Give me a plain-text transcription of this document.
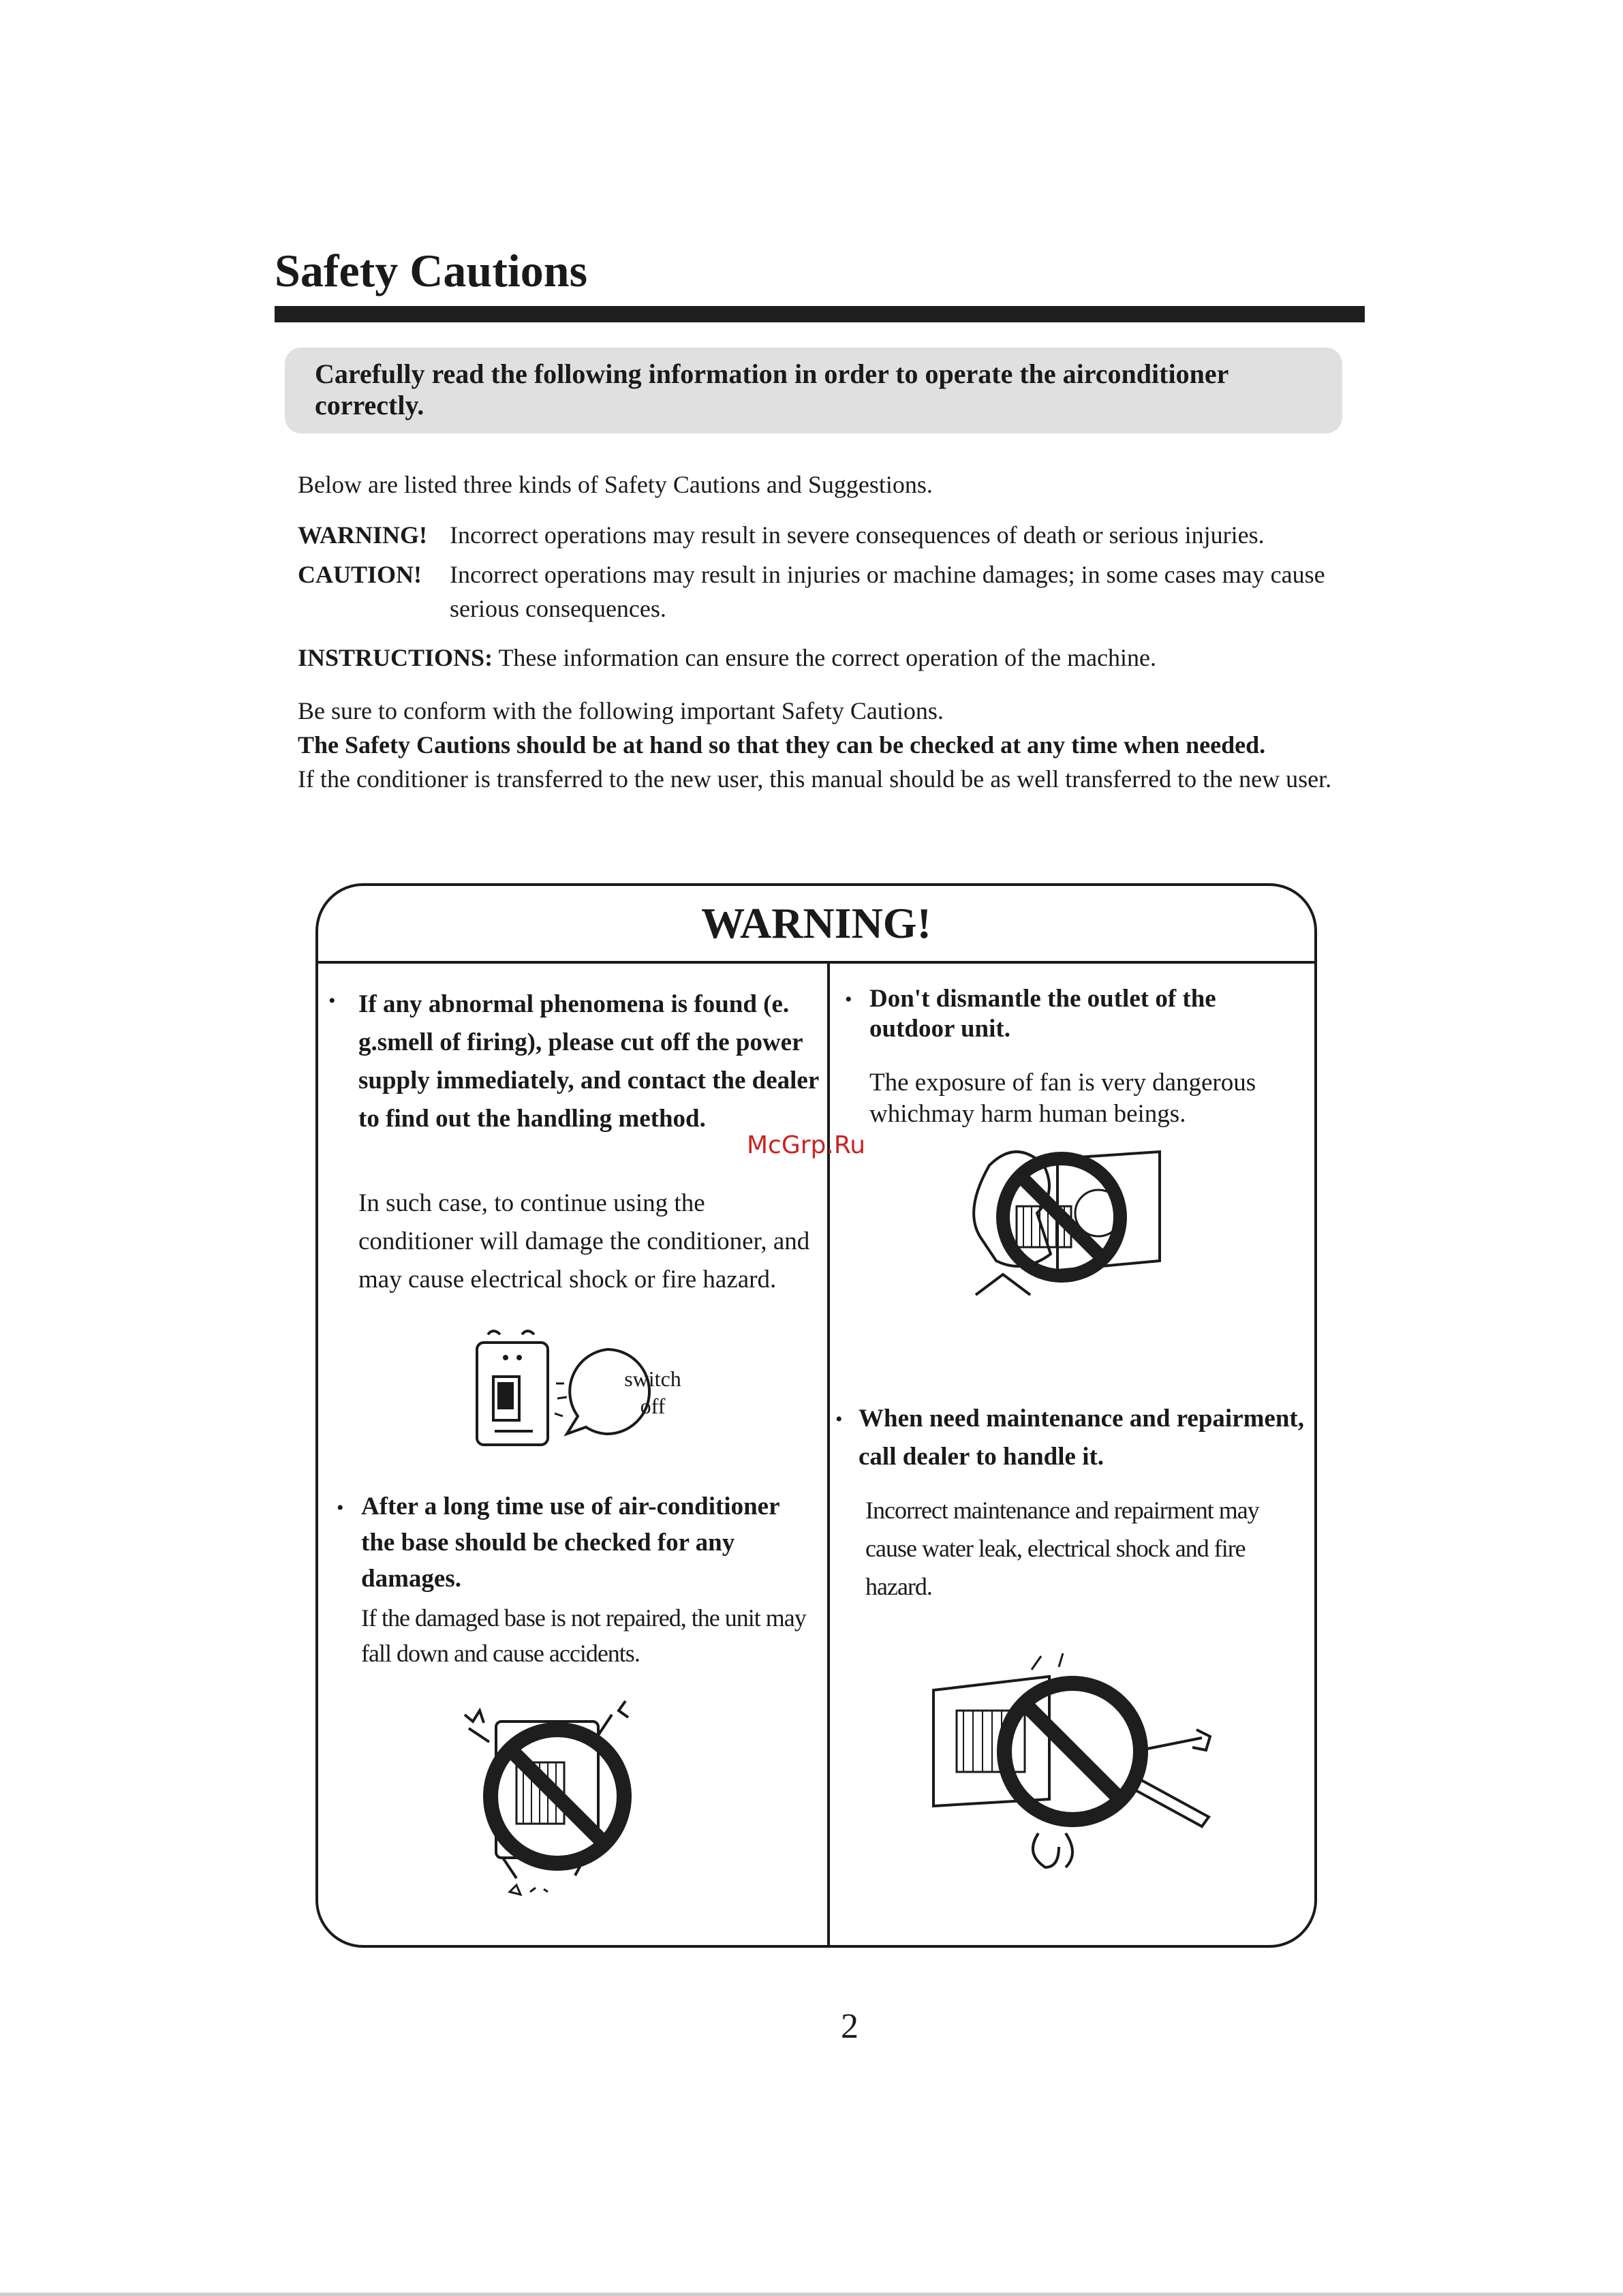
Safety Cautions
Carefully read the following information in order to operate the airconditioner correctly.
Below are listed three kinds of Safety Cautions and Suggestions.
WARNING! Incorrect operations may result in severe consequences of death or serious injuries.
CAUTION! Incorrect operations may result in injuries or machine damages; in some cases may cause serious consequences.
INSTRUCTIONS: These information can ensure the correct operation of the machine.
Be sure to conform with the following important Safety Cautions.
The Safety Cautions should be at hand so that they can be checked at any time when needed.
If the conditioner is transferred to the new user, this manual should be as well transferred to the new user.
WARNING!
• If any abnormal phenomena is found (e. g.smell of firing), please cut off the power supply immediately, and contact the dealer to find out the handling method.
In such case, to continue using the conditioner will damage the conditioner, and may cause electrical shock or fire hazard.
switch
off
• After a long time use of air-conditioner the base should be checked for any damages.
If the damaged base is not repaired, the unit may fall down and cause accidents.
• Don't dismantle the outlet of the outdoor unit.
The exposure of fan is very dangerous whichmay harm human beings.
• When need maintenance and repairment, call dealer to handle it.
Incorrect maintenance and repairment may cause water leak, electrical shock and fire hazard.
McGrp.Ru
2
